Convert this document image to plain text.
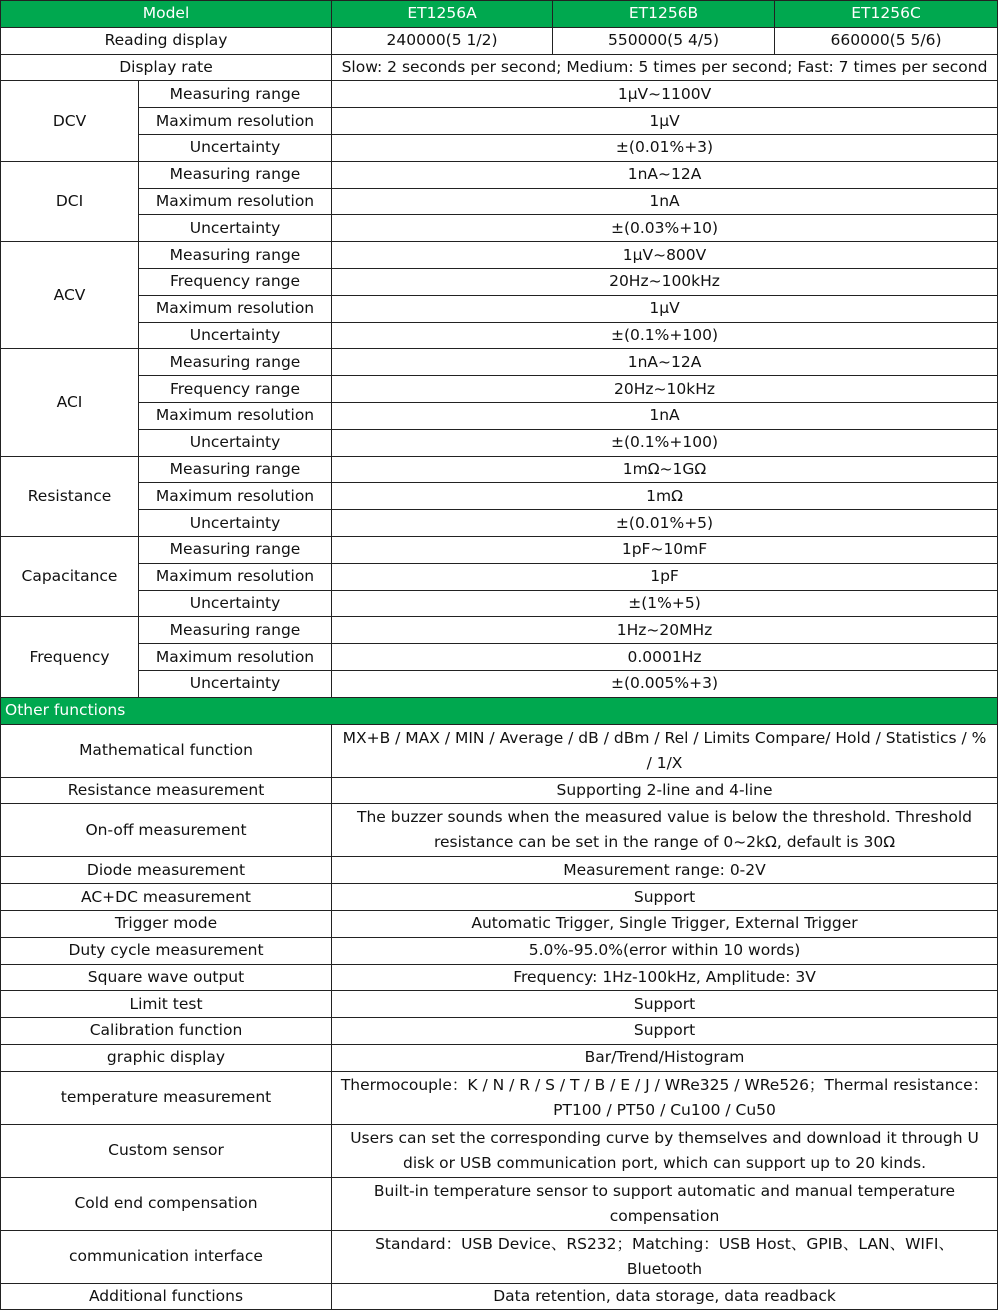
Model		ET1256A	ET1256B	ET1256C
Reading display		240000(5 1/2)	550000(5 4/5)	660000(5 5/6)
Display rate		Slow: 2 seconds per second; Medium: 5 times per second; Fast: 7 times per second		
DCV	Measuring range	1μV~1100V		
	Maximum resolution	1μV		
	Uncertainty	±(0.01%+3)		
DCI	Measuring range	1nA~12A		
	Maximum resolution	1nA		
	Uncertainty	±(0.03%+10)		
ACV	Measuring range	1μV~800V		
	Frequency range	20Hz~100kHz		
	Maximum resolution	1μV		
	Uncertainty	±(0.1%+100)		
ACI	Measuring range	1nA~12A		
	Frequency range	20Hz~10kHz		
	Maximum resolution	1nA		
	Uncertainty	±(0.1%+100)		
Resistance	Measuring range	1mΩ~1GΩ		
	Maximum resolution	1mΩ		
	Uncertainty	±(0.01%+5)		
Capacitance	Measuring range	1pF~10mF		
	Maximum resolution	1pF		
	Uncertainty	±(1%+5)		
Frequency	Measuring range	1Hz~20MHz		
	Maximum resolution	0.0001Hz		
	Uncertainty	±(0.005%+3)		
Other functions				
Mathematical function		MX+B / MAX / MIN / Average / dB / dBm / Rel / Limits Compare/ Hold / Statistics / % / 1/X		
Resistance measurement		Supporting 2-line and 4-line		
On-off measurement		The buzzer sounds when the measured value is below the threshold. Threshold resistance can be set in the range of 0~2kΩ, default is 30Ω		
Diode measurement		Measurement range: 0-2V		
AC+DC measurement		Support		
Trigger mode		Automatic Trigger, Single Trigger, External Trigger		
Duty cycle measurement		5.0%-95.0%(error within 10 words)		
Square wave output		Frequency: 1Hz-100kHz, Amplitude: 3V		
Limit test		Support		
Calibration function		Support		
graphic display		Bar/Trend/Histogram		
temperature measurement		Thermocouple：K / N / R / S / T / B / E / J / WRe325 / WRe526；Thermal resistance：PT100 / PT50 / Cu100 / Cu50		
Custom sensor		Users can set the corresponding curve by themselves and download it through U disk or USB communication port, which can support up to 20 kinds.		
Cold end compensation		Built-in temperature sensor to support automatic and manual temperature compensation		
communication interface		Standard：USB Device、RS232；Matching：USB Host、GPIB、LAN、WIFI、Bluetooth		
Additional functions		Data retention, data storage, data readback		
